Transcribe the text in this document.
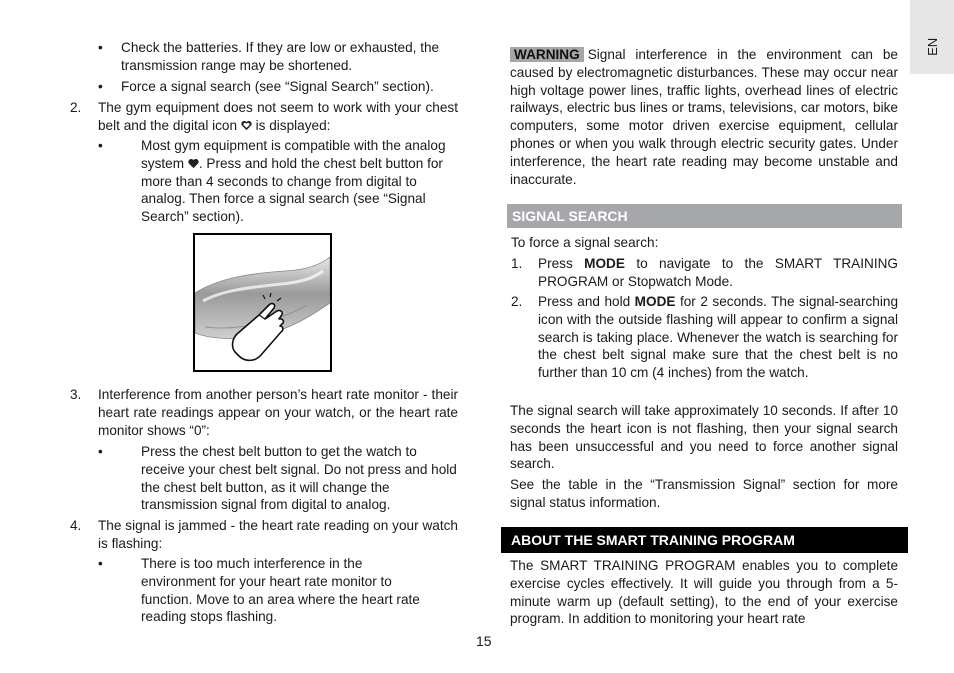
EN
• Check the batteries. If they are low or exhausted, the transmission range may be shortened.
• Force a signal search (see “Signal Search” section).
2. The gym equipment does not seem to work with your chest belt and the digital icon is displayed:
•	Most gym equipment is compatible with the analog system . Press and hold the chest belt button for more than 4 seconds to change from digital to analog. Then force a signal search (see “Signal Search” section).
3. Interference from another person’s heart rate monitor - their heart rate readings appear on your watch, or the heart rate monitor shows “0”:
•	Press the chest belt button to get the watch to receive your chest belt signal. Do not press and hold the chest belt button, as it will change the transmission signal from digital to analog.
4. The signal is jammed - the heart rate reading on your watch is flashing:
•	There is too much interference in the environment for your heart rate monitor to function. Move to an area where the heart rate reading stops flashing.
WARNING Signal interference in the environment can be caused by electromagnetic disturbances. These may occur near high voltage power lines, traffic lights, overhead lines of electric railways, electric bus lines or trams, televisions, car motors, bike computers, some motor driven exercise equipment, cellular phones or when you walk through electric security gates. Under interference, the heart rate reading may become unstable and inaccurate.
SIGNAL SEARCH
To force a signal search:
1. Press MODE to navigate to the SMART TRAINING PROGRAM or Stopwatch Mode.
2. Press and hold MODE for 2 seconds. The signal-searching icon with the outside flashing will appear to confirm a signal search is taking place. Whenever the watch is searching for the chest belt signal make sure that the chest belt is no further than 10 cm (4 inches) from the watch.
The signal search will take approximately 10 seconds. If after 10 seconds the heart icon is not flashing, then your signal search has been unsuccessful and you need to force another signal search.
See the table in the “Transmission Signal” section for more signal status information.
ABOUT THE SMART TRAINING PROGRAM
The SMART TRAINING PROGRAM enables you to complete exercise cycles effectively. It will guide you through from a 5-minute warm up (default setting), to the end of your exercise program. In addition to monitoring your heart rate
15
